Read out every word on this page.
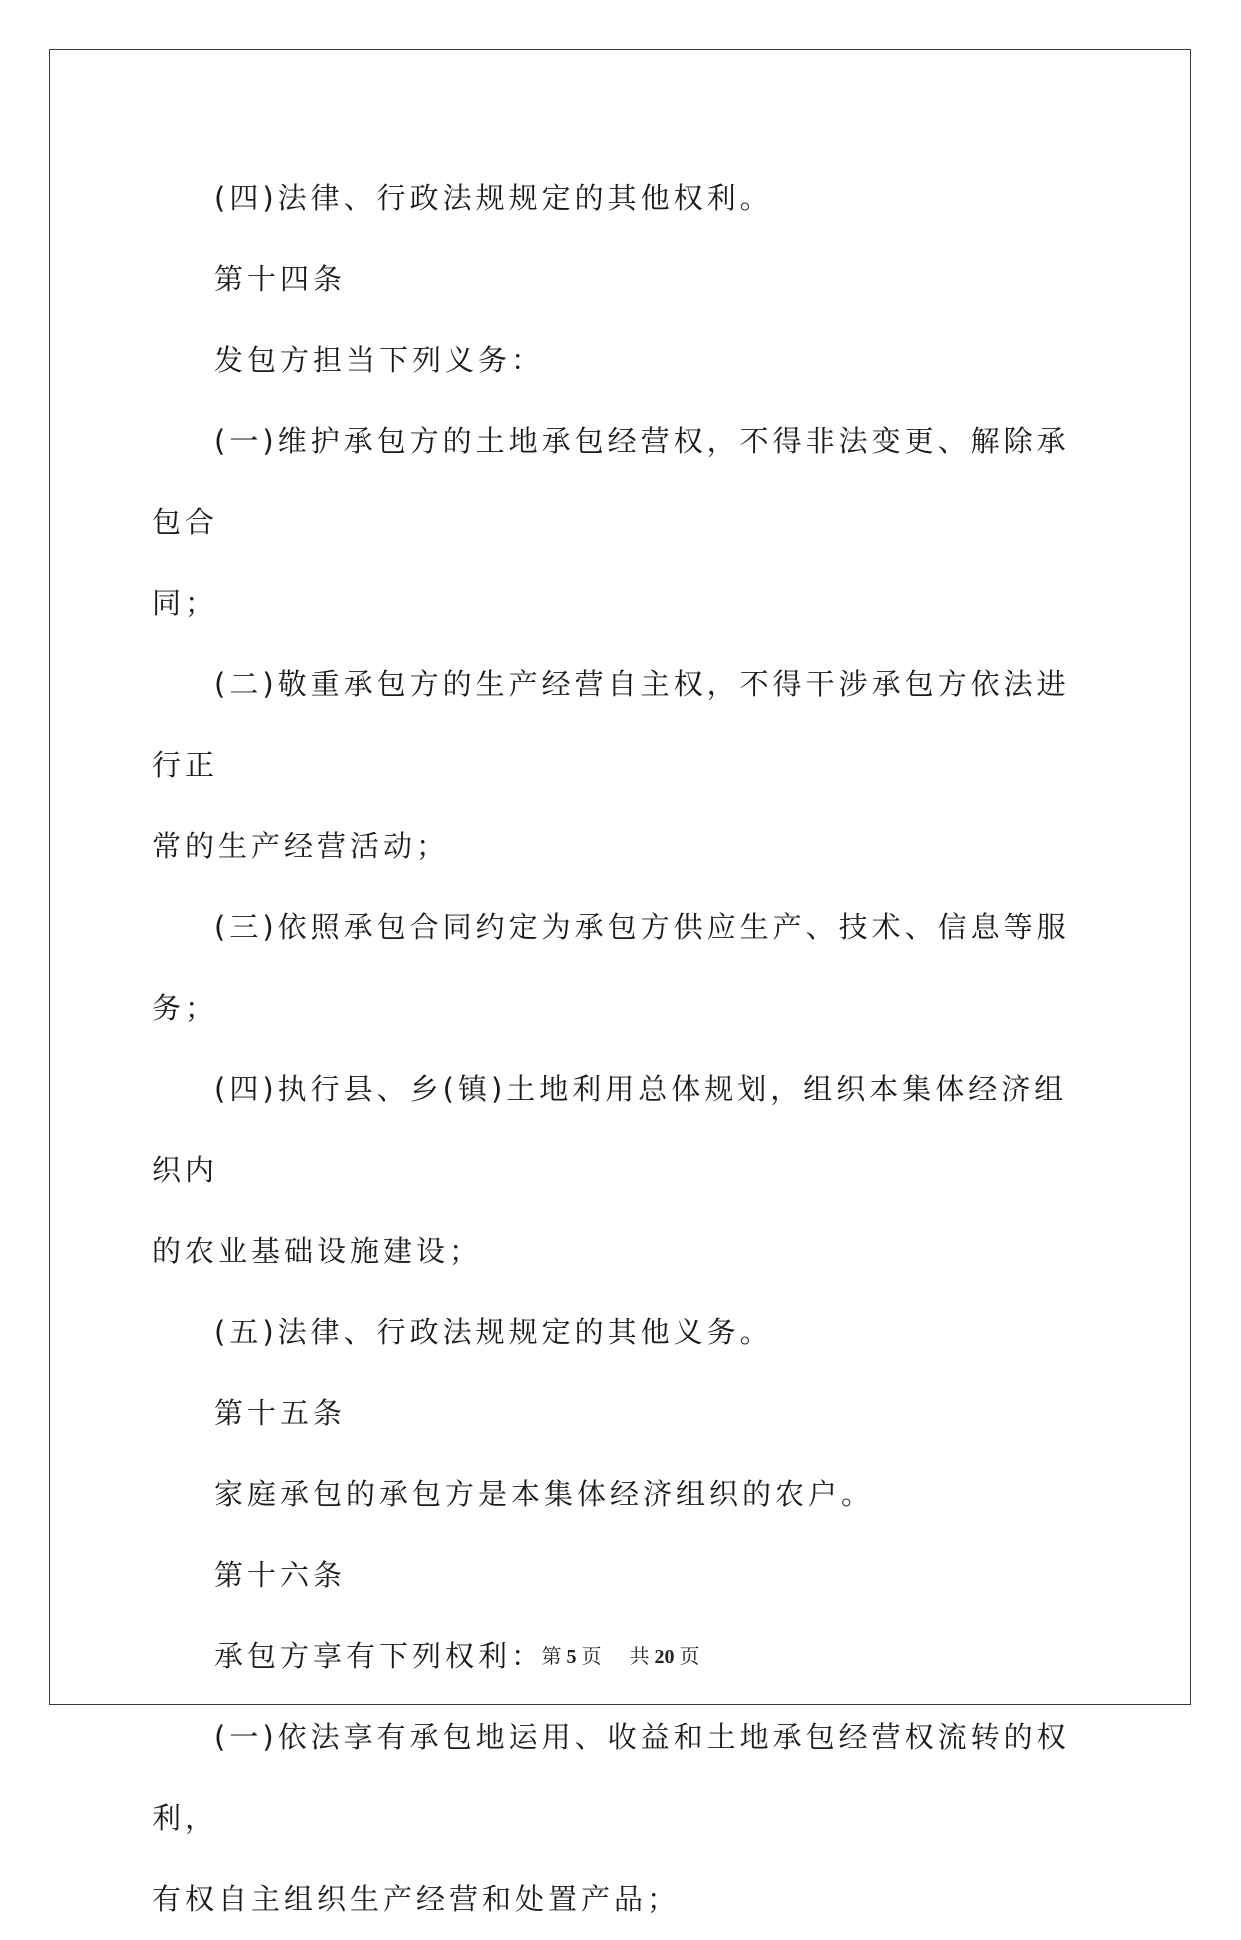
(四)法律、行政法规规定的其他权利。

第十四条

发包方担当下列义务：

(一)维护承包方的土地承包经营权，不得非法变更、解除承包合

同；

(二)敬重承包方的生产经营自主权，不得干涉承包方依法进行正

常的生产经营活动；

(三)依照承包合同约定为承包方供应生产、技术、信息等服务；

(四)执行县、乡(镇)土地利用总体规划，组织本集体经济组织内

的农业基础设施建设；

(五)法律、行政法规规定的其他义务。

第十五条

家庭承包的承包方是本集体经济组织的农户。

第十六条

承包方享有下列权利：

(一)依法享有承包地运用、收益和土地承包经营权流转的权利，

有权自主组织生产经营和处置产品；

第 5 页 共 20 页
